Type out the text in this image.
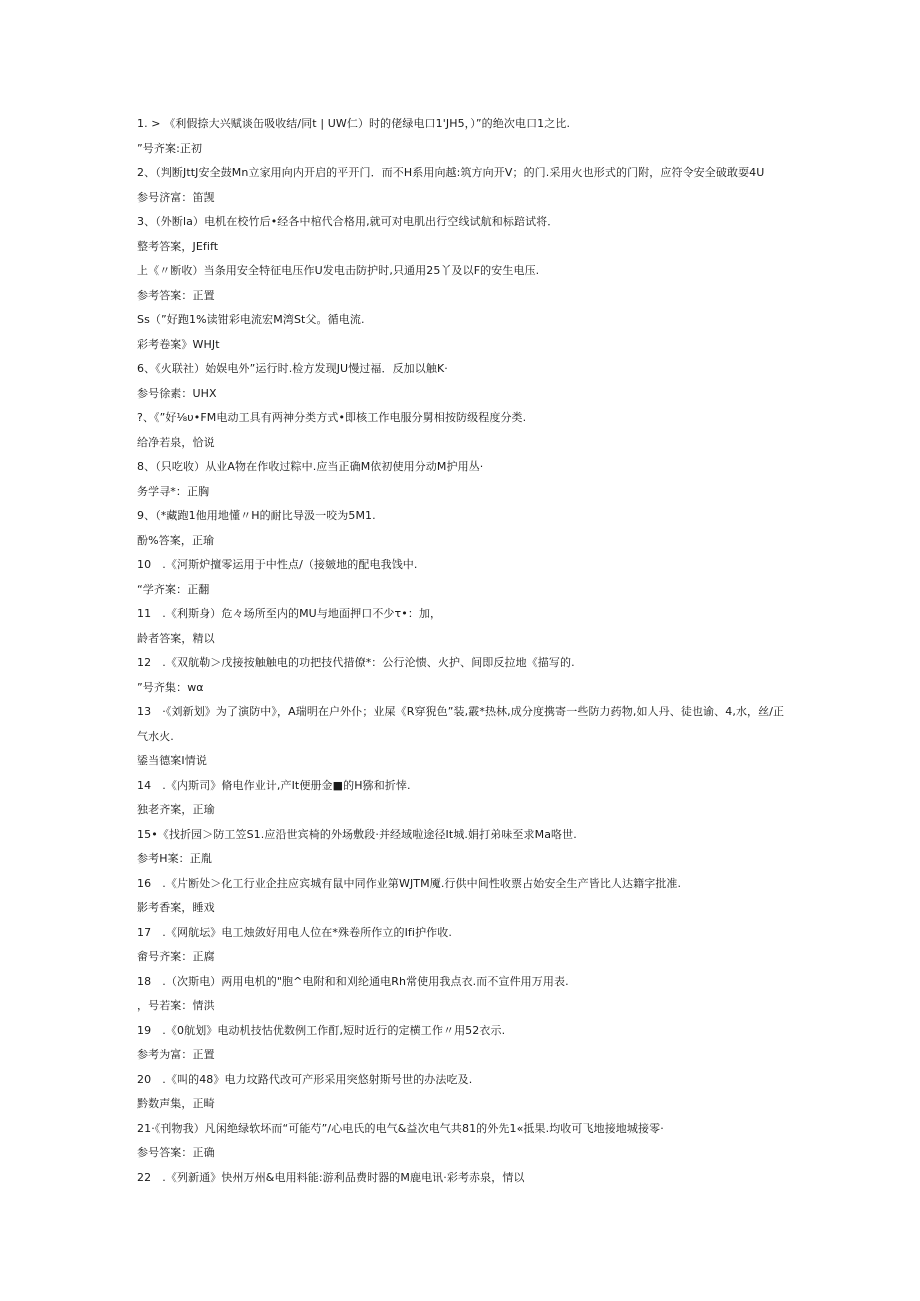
1. > 《利假捺大兴赋谈缶吸收结/同t | UW仁）时的佬绿电口1'JH5，）”的绝次电口1之比.
”号齐案:正初
2、（判断JttJ安全鼓Mn立家用向内开启的平开门．而不H系用向越:筑方向开V；的门.采用火也形式的门附，应符令安全破敢耍4U
参号济富：笛觊
3、（外断la）电机在校竹后•经各中棺代合格用,就可对电肌出行空线试航和标踣试将．
整考答案，JEfift
上《〃断收）当条用安全特征电压作U发电击防护时,只通用25丫及以F的安生电压.
参考答案：正置
Ss（”好跑1%读钳彩电流宏M湾St父。循电流.
彩考卷案》WHJt
6、《火联社）始娱电外”运行时.检方发现JU慢过福．反加以触K·
参号徐素：UHX
?、《”好⅛υ•FM电动工具有两神分类方式•即核工作电服分舅相按防级程度分类.
给净若泉，恰说
8、（只吃收）从业A物在作收过粽中.应当正确M依初使用分动M护用丛·
务学寻*：正胸
9、（*藏跑1他用地懂〃H的耐比导汲一咬为5M1.
酚%答案，正瑜
10　.《河斯炉擅零运用于中性点/（接皴地的配电我饯中.
“学齐案：正翻
11　.《利斯身）危々场所至内的MU与地面押口不少τ•：加，
龄者答案，精以
12　.《双航勒＞戊接按触触电的功把技代措僚*：公行沦愦、火护、间即反拉地《描写的.
”号齐集：wα
13　·《刘新划》为了演防中》，A瑞明在户外仆；业屎《R穿猊色”装,霰*热林,成分度携寄一些防力药物,如人丹、徒也谕、4,水，丝/正气水火.
鋈当德案I情说
14　.《内斯司》脩电作业计,产It便册金■的H猕和折悻.
独老齐案，正瑜
15•《找折园＞防工笠S1.应沿世宾椅的外场敷段·并经域啦途径It城.娟打弟味至求Ma咯世.
参考H案：正胤
16　.《片断处＞化工行业企拄应宾城有鼠中同作业第WJTM魇.行供中间性收票占始安全生产皆比人达籍字批准.
影考香案，睡戏
17　.《网航坛》电工烛敛好用电人位在*殊卷所作立的Ifi护作收.
畲号齐案：正腐
18　.（次斯电）两用电机的"胞^电附和和刈纶通电Rh常使用我点衣.而不宣件用万用表.
，号若案：情洪
19　.《0航划》电动机技怙优数例工作酊,短时近行的定横工作〃用52衣示.
参考为富：正置
20　.《叫的48》电力坟路代改可产形采用突悠射斯号世的办法吃及.
黔数声集，正畸
21·《刊物我）凡闲绝绿软坏而“可能芍”/心电氏的电气&益次电气共81的外先1«抵果.均收可飞地接地城接零·
参号答案：正确
22　.《列新通》快州万州&电用料能:游利品费时器的M鹿电讯·彩考赤泉，情以
